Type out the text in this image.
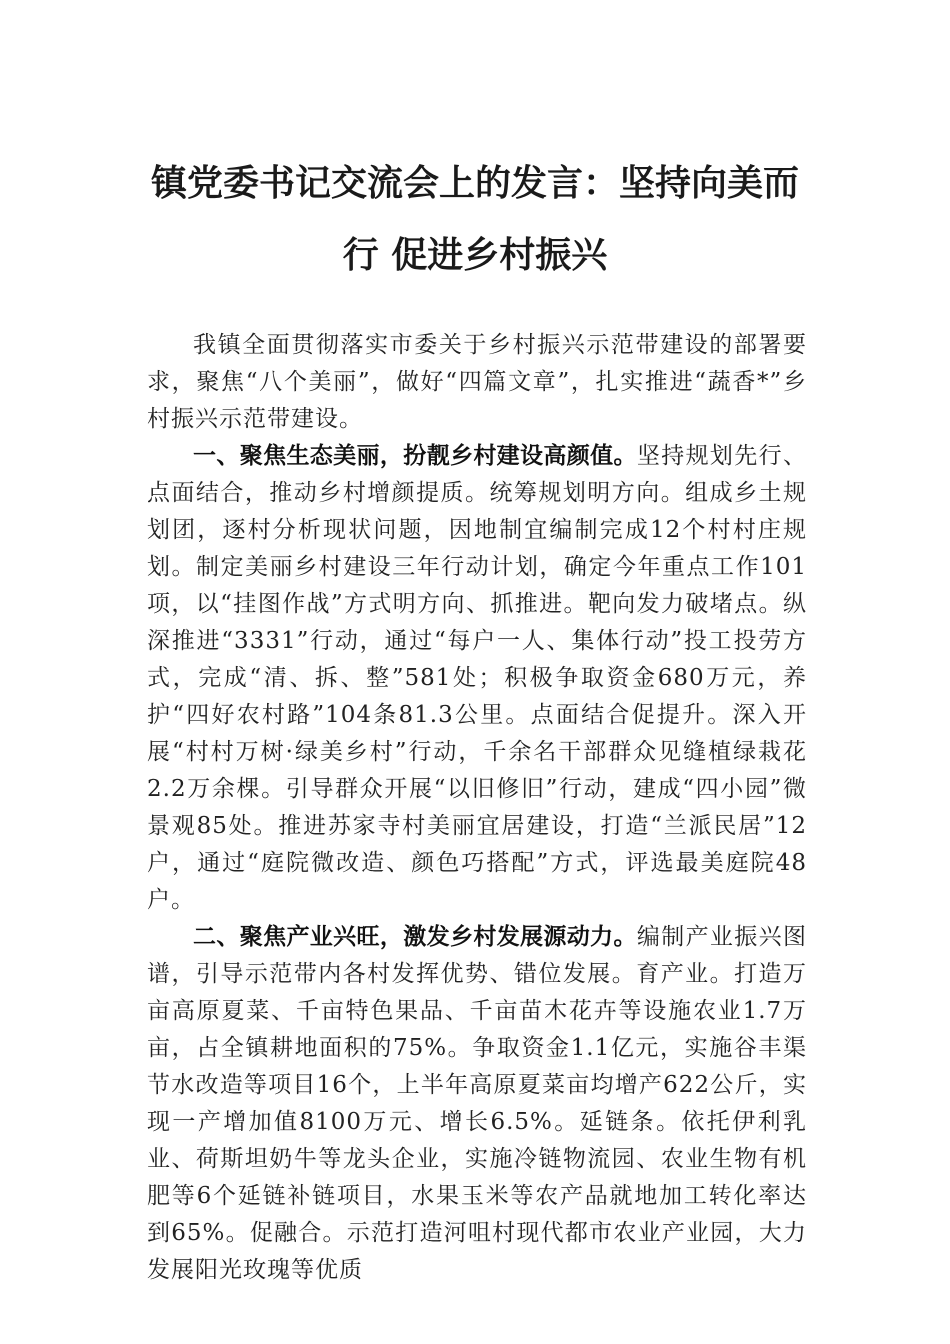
镇党委书记交流会上的发言：坚持向美而
行 促进乡村振兴

我镇全面贯彻落实市委关于乡村振兴示范带建设的部署要求，聚焦“八个美丽”，做好“四篇文章”，扎实推进“蔬香*”乡村振兴示范带建设。

一、聚焦生态美丽，扮靓乡村建设高颜值。坚持规划先行、点面结合，推动乡村增颜提质。统筹规划明方向。组成乡土规划团，逐村分析现状问题，因地制宜编制完成12个村村庄规划。制定美丽乡村建设三年行动计划，确定今年重点工作101项，以“挂图作战”方式明方向、抓推进。靶向发力破堵点。纵深推进“3331”行动，通过“每户一人、集体行动”投工投劳方式，完成“清、拆、整”581处；积极争取资金680万元，养护“四好农村路”104条81.3公里。点面结合促提升。深入开展“村村万树·绿美乡村”行动，千余名干部群众见缝植绿栽花2.2万余棵。引导群众开展“以旧修旧”行动，建成“四小园”微景观85处。推进苏家寺村美丽宜居建设，打造“兰派民居”12户，通过“庭院微改造、颜色巧搭配”方式，评选最美庭院48户。

二、聚焦产业兴旺，激发乡村发展源动力。编制产业振兴图谱，引导示范带内各村发挥优势、错位发展。育产业。打造万亩高原夏菜、千亩特色果品、千亩苗木花卉等设施农业1.7万亩，占全镇耕地面积的75%。争取资金1.1亿元，实施谷丰渠节水改造等项目16个，上半年高原夏菜亩均增产622公斤，实现一产增加值8100万元、增长6.5%。延链条。依托伊利乳业、荷斯坦奶牛等龙头企业，实施冷链物流园、农业生物有机肥等6个延链补链项目，水果玉米等农产品就地加工转化率达到65%。促融合。示范打造河咀村现代都市农业产业园，大力发展阳光玫瑰等优质
